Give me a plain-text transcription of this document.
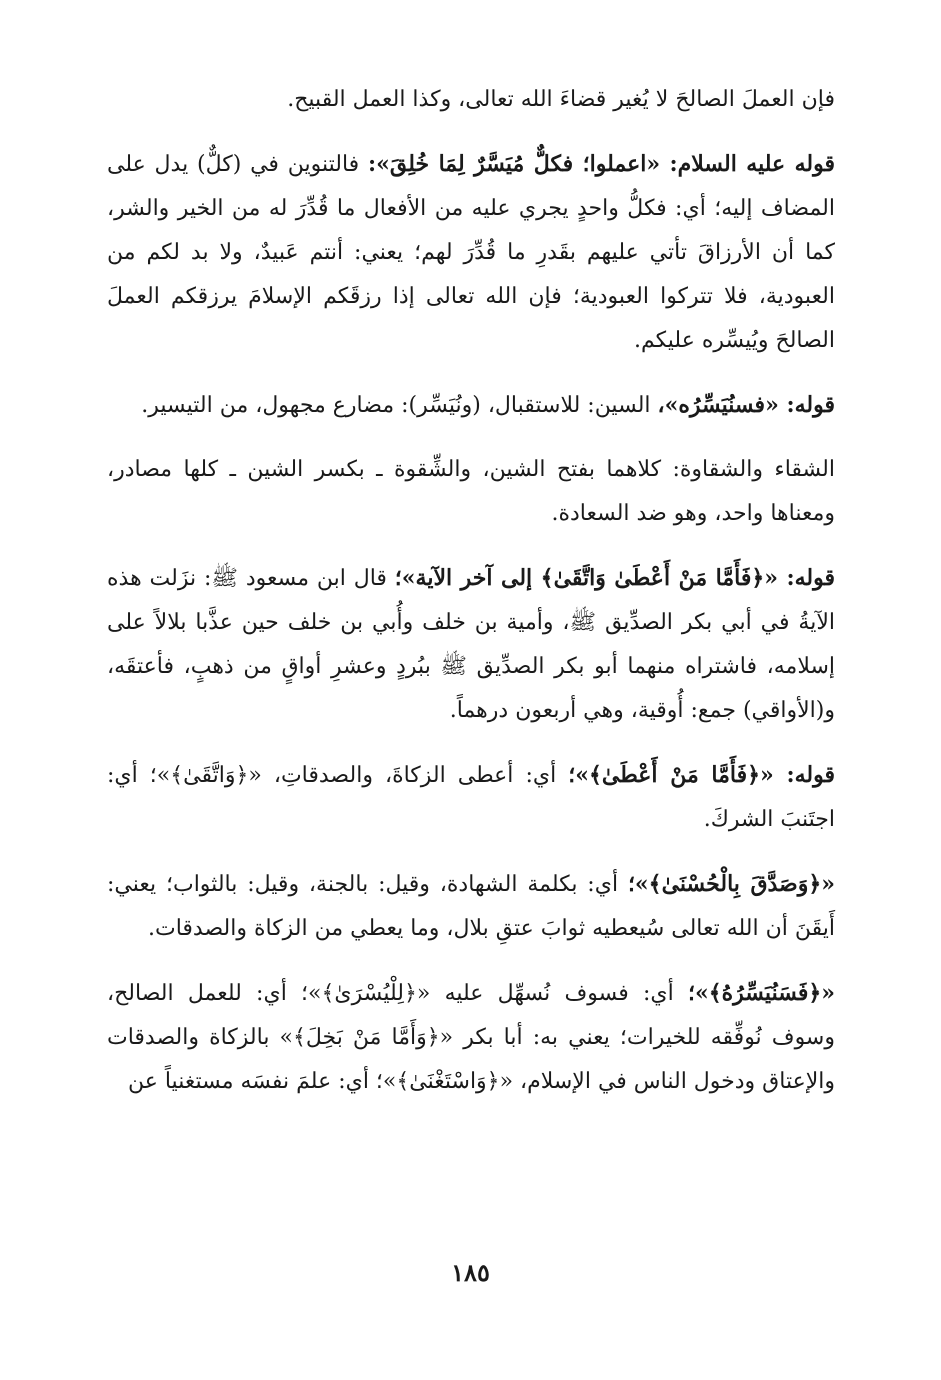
فإن العملَ الصالحَ لا يُغير قضاءَ الله تعالى، وكذا العمل القبيح.

قوله عليه السلام: «اعملوا؛ فكلٌّ مُيَسَّرٌ لِمَا خُلِقَ»: فالتنوين في (كلٌّ) يدل على المضاف إليه؛ أي: فكلُّ واحدٍ يجري عليه من الأفعال ما قُدِّرَ له من الخير والشر، كما أن الأرزاقَ تأتي عليهم بقَدرِ ما قُدِّرَ لهم؛ يعني: أنتم عَبيدٌ، ولا بد لكم من العبودية، فلا تتركوا العبودية؛ فإن الله تعالى إذا رزقَكم الإسلامَ يرزقكم العملَ الصالحَ ويُيسِّره عليكم.

قوله: «فسنُيَسِّرُه»، السين: للاستقبال، (ونُيَسِّر): مضارع مجهول، من التيسير.

الشقاء والشقاوة: كلاهما بفتح الشين، والشِّقوة ـ بكسر الشين ـ كلها مصادر، ومعناها واحد، وهو ضد السعادة.

قوله: «﴿فَأَمَّا مَنْ أَعْطَىٰ وَاتَّقَىٰ﴾ إلى آخر الآية»؛ قال ابن مسعود ﷺ: نزَلت هذه الآيةُ في أبي بكر الصدِّيق ﷺ، وأمية بن خلف وأُبي بن خلف حين عذَّبا بلالاً على إسلامه، فاشتراه منهما أبو بكر الصدِّيق ﷺ ببُردٍ وعشرِ أواقٍ من ذهبٍ، فأعتقَه، و(الأواقي) جمع: أُوقية، وهي أربعون درهماً.

قوله: «﴿فَأَمَّا مَنْ أَعْطَىٰ﴾»؛ أي: أعطى الزكاةَ، والصدقاتِ، «﴿وَاتَّقَىٰ﴾»؛ أي: اجتَنبَ الشركَ.

«﴿وَصَدَّقَ بِالْحُسْنَىٰ﴾»؛ أي: بكلمة الشهادة، وقيل: بالجنة، وقيل: بالثواب؛ يعني: أَيقَنَ أن الله تعالى سُيعطيه ثوابَ عتقِ بلال، وما يعطي من الزكاة والصدقات.

«﴿فَسَنُيَسِّرُهُ﴾»؛ أي: فسوف نُسهِّل عليه «﴿لِلْيُسْرَىٰ﴾»؛ أي: للعمل الصالح، وسوف نُوفِّقه للخيرات؛ يعني به: أبا بكر «﴿وَأَمَّا مَنْ بَخِلَ﴾» بالزكاة والصدقات والإعتاق ودخول الناس في الإسلام، «﴿وَاسْتَغْنَىٰ﴾»؛ أي: علمَ نفسَه مستغنياً عن

١٨٥
